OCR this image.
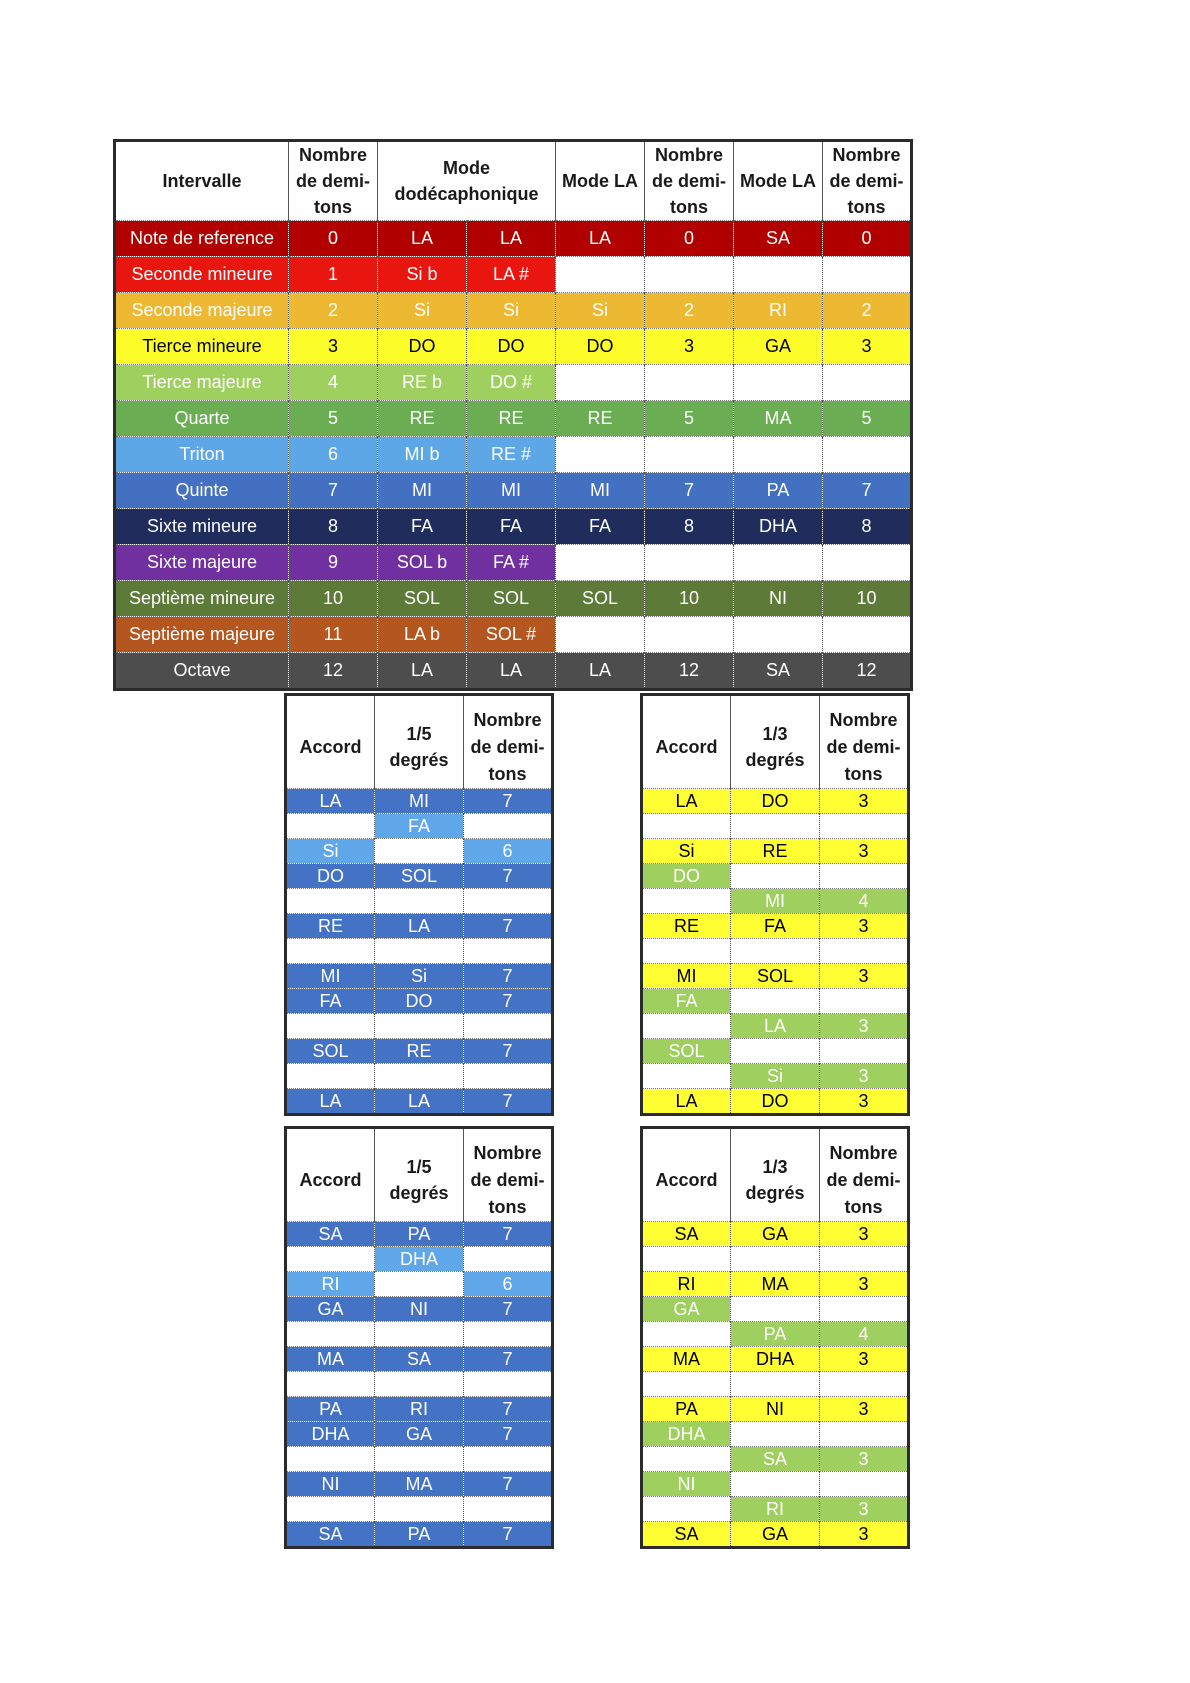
Intervalle	Nombre de demi-tons	Mode dodécaphonique		Mode LA	Nombre de demi-tons	Mode LA	Nombre de demi-tons
Note de reference	0	LA	LA	LA	0	SA	0
Seconde mineure	1	Si b	LA #				
Seconde majeure	2	Si	Si	Si	2	RI	2
Tierce mineure	3	DO	DO	DO	3	GA	3
Tierce majeure	4	RE b	DO #				
Quarte	5	RE	RE	RE	5	MA	5
Triton	6	MI b	RE #				
Quinte	7	MI	MI	MI	7	PA	7
Sixte mineure	8	FA	FA	FA	8	DHA	8
Sixte majeure	9	SOL b	FA #				
Septième mineure	10	SOL	SOL	SOL	10	NI	10
Septième majeure	11	LA b	SOL #				
Octave	12	LA	LA	LA	12	SA	12
Accord	1/5 degrés	Nombre de demi-tons
LA	MI	7
	FA	
Si		6
DO	SOL	7

RE	LA	7

MI	Si	7
FA	DO	7

SOL	RE	7

LA	LA	7
Accord	1/3 degrés	Nombre de demi-tons
LA	DO	3

Si	RE	3
DO		
	MI	4
RE	FA	3

MI	SOL	3
FA		
	LA	3
SOL		
	Si	3
LA	DO	3
Accord	1/5 degrés	Nombre de demi-tons
SA	PA	7
	DHA	
RI		6
GA	NI	7

MA	SA	7

PA	RI	7
DHA	GA	7

NI	MA	7

SA	PA	7
Accord	1/3 degrés	Nombre de demi-tons
SA	GA	3

RI	MA	3
GA		
	PA	4
MA	DHA	3

PA	NI	3
DHA		
	SA	3
NI		
	RI	3
SA	GA	3
